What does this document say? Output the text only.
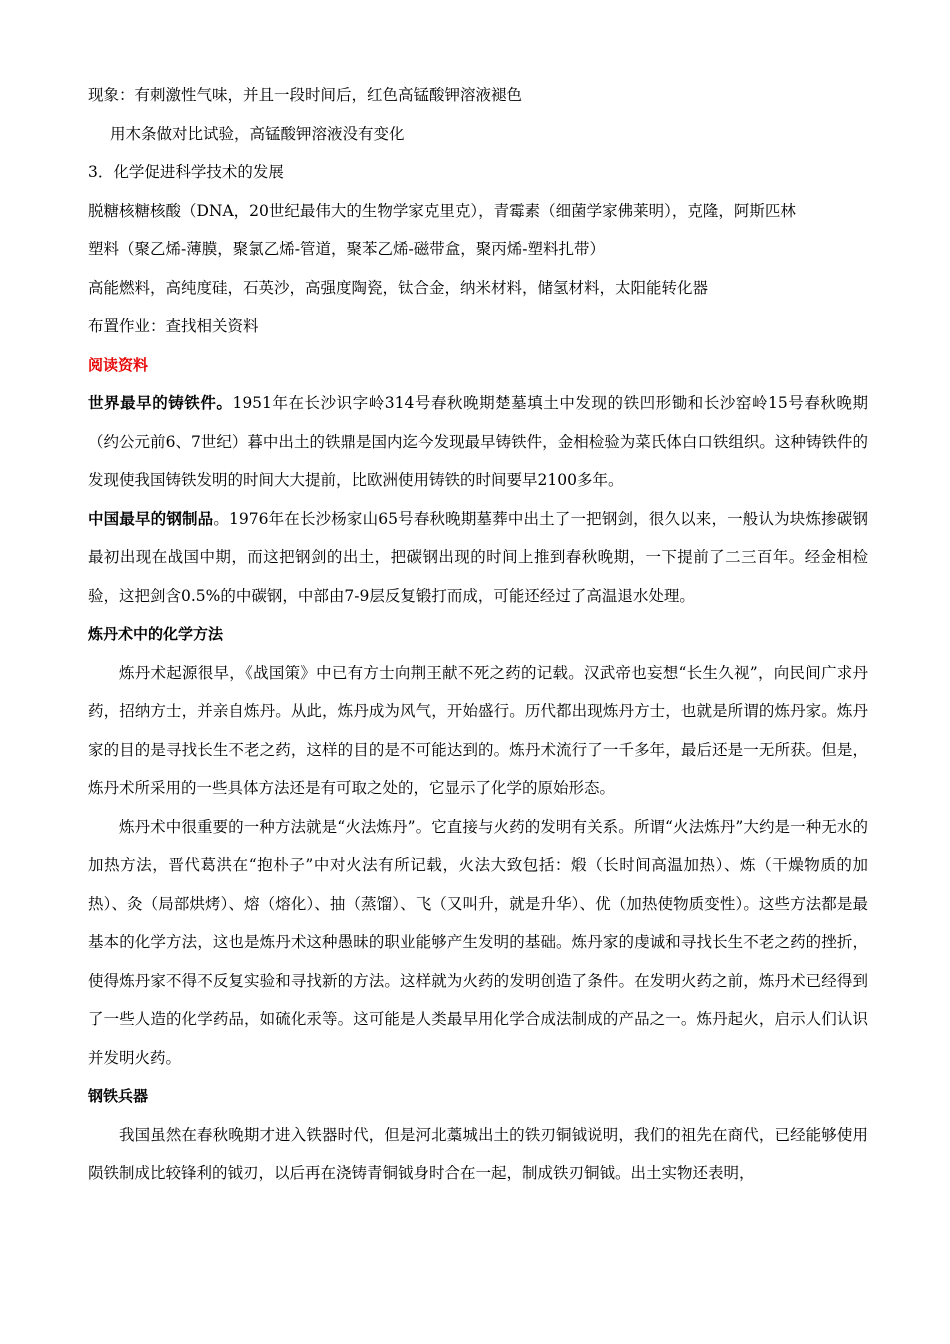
现象：有刺激性气味，并且一段时间后，红色高锰酸钾溶液褪色

用木条做对比试验，高锰酸钾溶液没有变化

3．化学促进科学技术的发展

脱糖核糖核酸（DNA，20世纪最伟大的生物学家克里克），青霉素（细菌学家佛莱明），克隆，阿斯匹林

塑料（聚乙烯-薄膜，聚氯乙烯-管道，聚苯乙烯-磁带盒，聚丙烯-塑料扎带）

高能燃料，高纯度硅，石英沙，高强度陶瓷，钛合金，纳米材料，储氢材料，太阳能转化器

布置作业：查找相关资料

阅读资料

世界最早的铸铁件。1951年在长沙识字岭314号春秋晚期楚墓填土中发现的铁凹形锄和长沙窑岭15号春秋晚期（约公元前6、7世纪）暮中出土的铁鼎是国内迄今发现最早铸铁件，金相检验为菜氏体白口铁组织。这种铸铁件的发现使我国铸铁发明的时间大大提前，比欧洲使用铸铁的时间要早2100多年。

中国最早的钢制品。1976年在长沙杨家山65号春秋晚期墓葬中出土了一把钢剑，很久以来，一般认为块炼掺碳钢最初出现在战国中期，而这把钢剑的出土，把碳钢出现的时间上推到春秋晚期，一下提前了二三百年。经金相检验，这把剑含0.5%的中碳钢，中部由7-9层反复锻打而成，可能还经过了高温退水处理。

炼丹术中的化学方法

炼丹术起源很早，《战国策》中已有方士向荆王献不死之药的记载。汉武帝也妄想“长生久视”，向民间广求丹药，招纳方士，并亲自炼丹。从此，炼丹成为风气，开始盛行。历代都出现炼丹方士，也就是所谓的炼丹家。炼丹家的目的是寻找长生不老之药，这样的目的是不可能达到的。炼丹术流行了一千多年，最后还是一无所获。但是，炼丹术所采用的一些具体方法还是有可取之处的，它显示了化学的原始形态。

炼丹术中很重要的一种方法就是“火法炼丹”。它直接与火药的发明有关系。所谓“火法炼丹”大约是一种无水的加热方法，晋代葛洪在“抱朴子”中对火法有所记载，火法大致包括：煅（长时间高温加热）、炼（干燥物质的加热）、灸（局部烘烤）、熔（熔化）、抽（蒸馏）、飞（又叫升，就是升华）、优（加热使物质变性）。这些方法都是最基本的化学方法，这也是炼丹术这种愚昧的职业能够产生发明的基础。炼丹家的虔诚和寻找长生不老之药的挫折，使得炼丹家不得不反复实验和寻找新的方法。这样就为火药的发明创造了条件。在发明火药之前，炼丹术已经得到了一些人造的化学药品，如硫化汞等。这可能是人类最早用化学合成法制成的产品之一。炼丹起火，启示人们认识并发明火药。

钢铁兵器

我国虽然在春秋晚期才进入铁器时代，但是河北藁城出土的铁刃铜钺说明，我们的祖先在商代，已经能够使用陨铁制成比较锋利的钺刃，以后再在浇铸青铜钺身时合在一起，制成铁刃铜钺。出土实物还表明，
